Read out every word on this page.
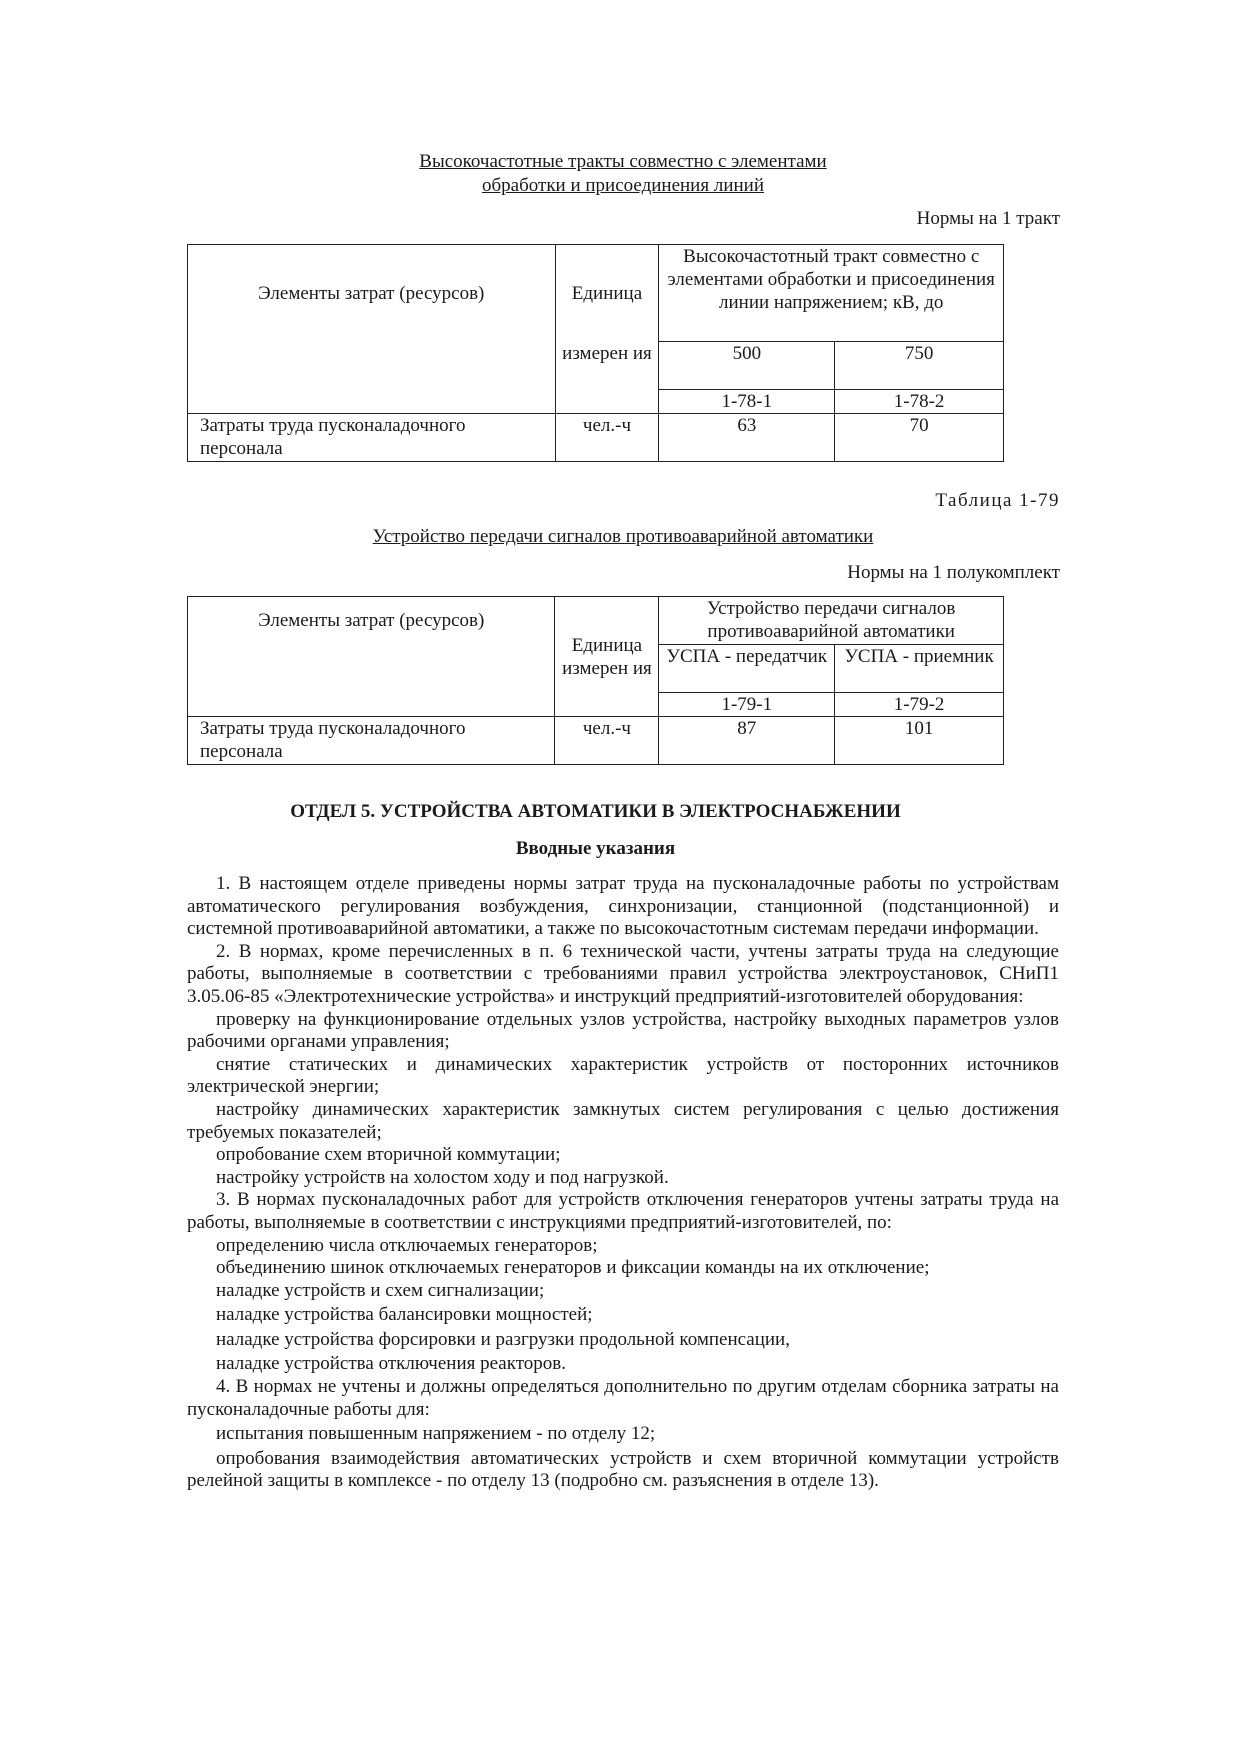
Высокочастотные тракты совместно с элементами
обработки и присоединения линий
Нормы на 1 тракт
Элементы затрат (ресурсов)	Единица	Высокочастотный тракт совместно с элементами обработки и присоединения линии напряжением; кВ, до	
	измерен ия	500	750
		1-78-1	1-78-2
Затраты труда пусконаладочного персонала	чел.-ч	63	70
Таблица 1-79
Устройство передачи сигналов противоаварийной автоматики
Нормы на 1 полукомплект
Элементы затрат (ресурсов)	Единица измерен ия	Устройство передачи сигналов противоаварийной автоматики	
		УСПА - передатчик	УСПА - приемник
		1-79-1	1-79-2
Затраты труда пусконаладочного персонала	чел.-ч	87	101
ОТДЕЛ 5. УСТРОЙСТВА АВТОМАТИКИ В ЭЛЕКТРОСНАБЖЕНИИ
Вводные указания

1. В настоящем отделе приведены нормы затрат труда на пусконаладочные работы по устройствам автоматического регулирования возбуждения, синхронизации, станционной (подстанционной) и системной противоаварийной автоматики, а также по высокочастотным системам передачи информации.

2. В нормах, кроме перечисленных в п. 6 технической части, учтены затраты труда на следующие работы, выполняемые в соответствии с требованиями правил устройства электроустановок, СНиП1 3.05.06-85 «Электротехнические устройства» и инструкций предприятий-изготовителей оборудования:

проверку на функционирование отдельных узлов устройства, настройку выходных параметров узлов рабочими органами управления;

снятие статических и динамических характеристик устройств от посторонних источников электрической энергии;

настройку динамических характеристик замкнутых систем регулирования с целью достижения требуемых показателей;

опробование схем вторичной коммутации;

настройку устройств на холостом ходу и под нагрузкой.

3. В нормах пусконаладочных работ для устройств отключения генераторов учтены затраты труда на работы, выполняемые в соответствии с инструкциями предприятий-изготовителей, по:

определению числа отключаемых генераторов;

объединению шинок отключаемых генераторов и фиксации команды на их отключение;

наладке устройств и схем сигнализации;

наладке устройства балансировки мощностей;

наладке устройства форсировки и разгрузки продольной компенсации,

наладке устройства отключения реакторов.

4. В нормах не учтены и должны определяться дополнительно по другим отделам сборника затраты на пусконаладочные работы для:

испытания повышенным напряжением - по отделу 12;

опробования взаимодействия автоматических устройств и схем вторичной коммутации устройств релейной защиты в комплексе - по отделу 13 (подробно см. разъяснения в отделе 13).
